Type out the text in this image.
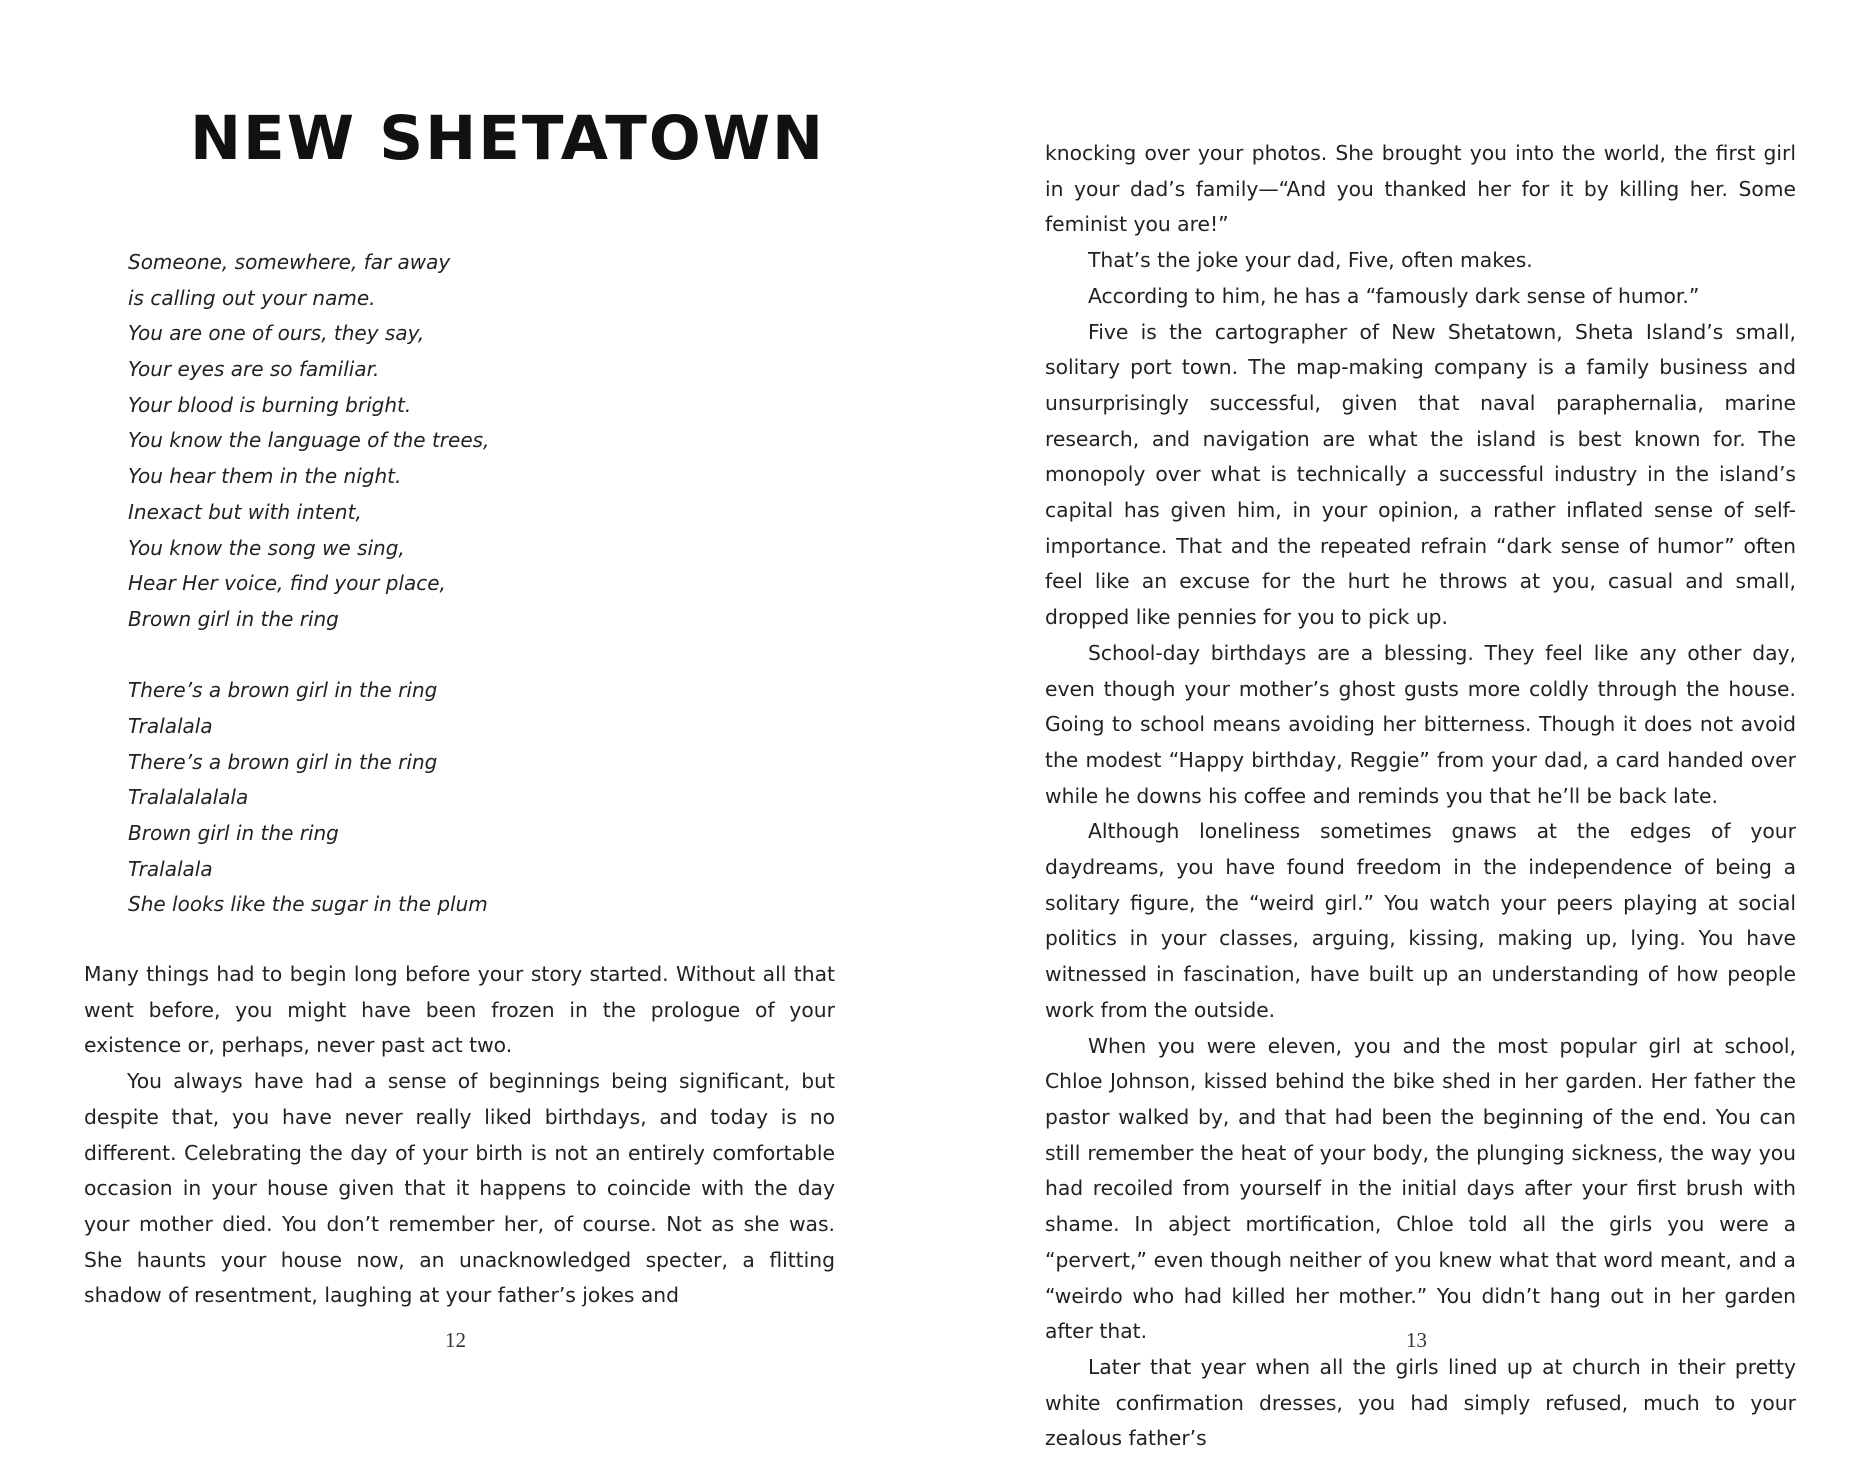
NEW SHETATOWN
Someone, somewhere, far away
is calling out your name.
You are one of ours, they say,
Your eyes are so familiar.
Your blood is burning bright.
You know the language of the trees,
You hear them in the night.
Inexact but with intent,
You know the song we sing,
Hear Her voice, find your place,
Brown girl in the ring
There’s a brown girl in the ring
Tralalala
There’s a brown girl in the ring
Tralalalalala
Brown girl in the ring
Tralalala
She looks like the sugar in the plum

Many things had to begin long before your story started. Without all that went before, you might have been frozen in the prologue of your existence or, perhaps, never past act two.

You always have had a sense of beginnings being significant, but despite that, you have never really liked birthdays, and today is no different. Celebrating the day of your birth is not an entirely comfortable occasion in your house given that it happens to coincide with the day your mother died. You don’t remember her, of course. Not as she was. She haunts your house now, an unacknowledged specter, a flitting shadow of resentment, laughing at your father’s jokes and

12

knocking over your photos. She brought you into the world, the first girl in your dad’s family—“And you thanked her for it by killing her. Some feminist you are!”

That’s the joke your dad, Five, often makes.

According to him, he has a “famously dark sense of humor.”

Five is the cartographer of New Shetatown, Sheta Island’s small, solitary port town. The map-making company is a family business and unsurprisingly successful, given that naval paraphernalia, marine research, and navigation are what the island is best known for. The monopoly over what is technically a successful industry in the island’s capital has given him, in your opinion, a rather inflated sense of self-importance. That and the repeated refrain “dark sense of humor” often feel like an excuse for the hurt he throws at you, casual and small, dropped like pennies for you to pick up.

School-day birthdays are a blessing. They feel like any other day, even though your mother’s ghost gusts more coldly through the house. Going to school means avoiding her bitterness. Though it does not avoid the modest “Happy birthday, Reggie” from your dad, a card handed over while he downs his coffee and reminds you that he’ll be back late.

Although loneliness sometimes gnaws at the edges of your daydreams, you have found freedom in the independence of being a solitary figure, the “weird girl.” You watch your peers playing at social politics in your classes, arguing, kissing, making up, lying. You have witnessed in fascination, have built up an understanding of how people work from the outside.

When you were eleven, you and the most popular girl at school, Chloe Johnson, kissed behind the bike shed in her garden. Her father the pastor walked by, and that had been the beginning of the end. You can still remember the heat of your body, the plunging sickness, the way you had recoiled from yourself in the initial days after your first brush with shame. In abject mortification, Chloe told all the girls you were a “pervert,” even though neither of you knew what that word meant, and a “weirdo who had killed her mother.” You didn’t hang out in her garden after that.

Later that year when all the girls lined up at church in their pretty white confirmation dresses, you had simply refused, much to your zealous father’s

13
